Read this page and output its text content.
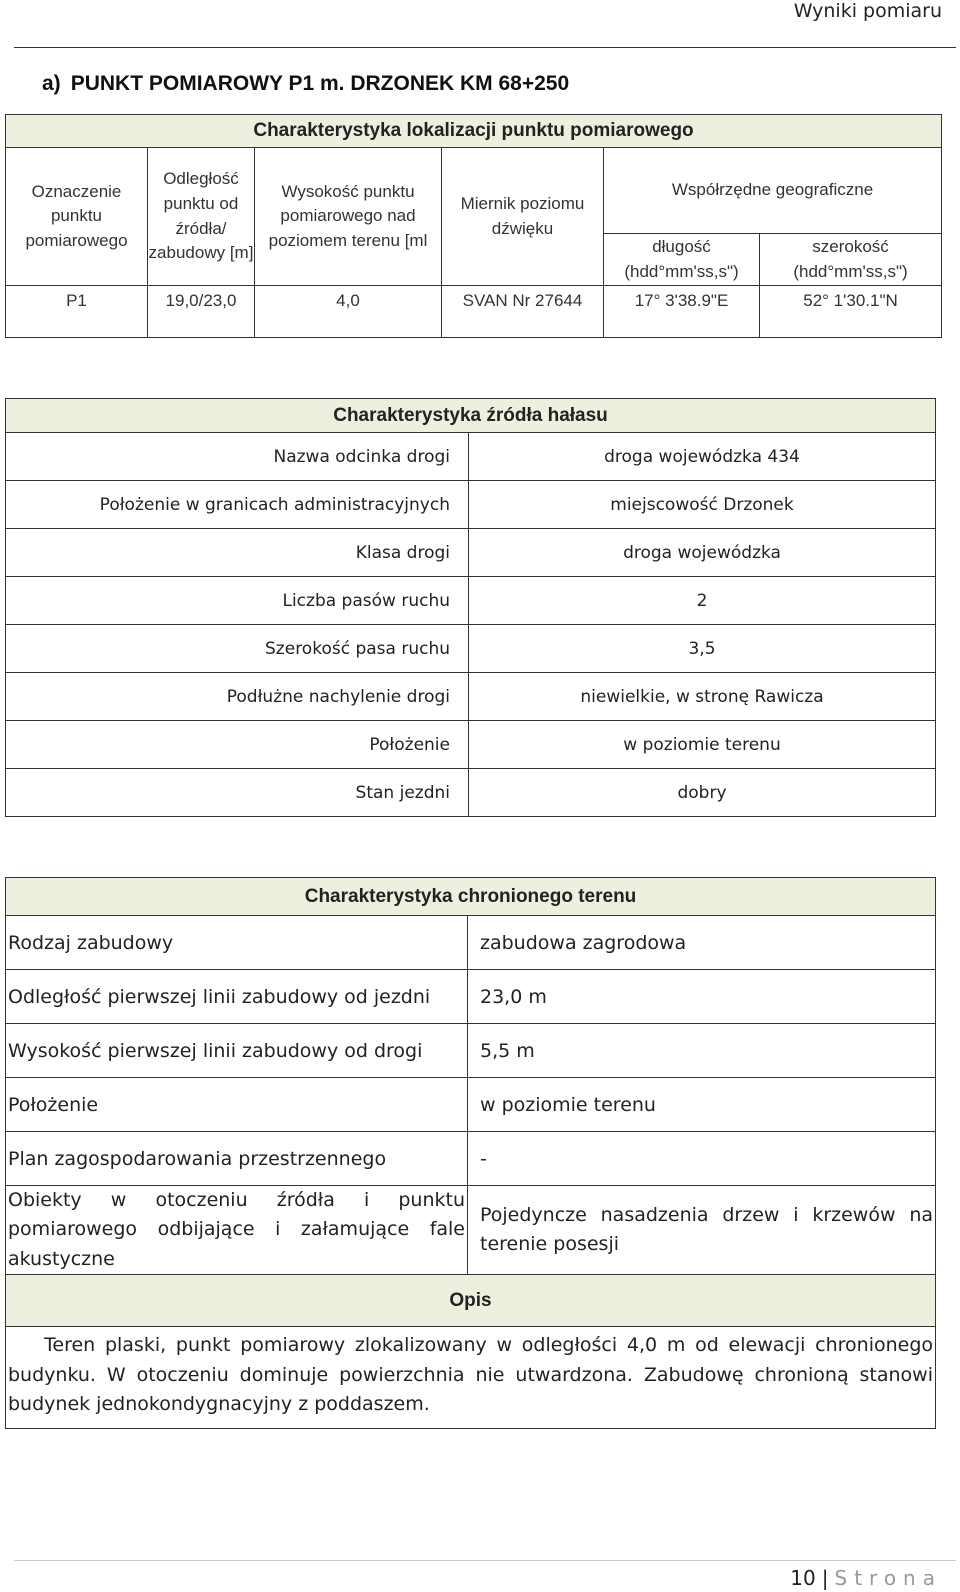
Wyniki pomiaru
a) PUNKT POMIAROWY P1 m. DRZONEK KM 68+250
Charakterystyka lokalizacji punktu pomiarowego					
Oznaczenie punktu pomiarowego	Odległość punktu od źródła/ zabudowy [m]	Wysokość punktu pomiarowego nad poziomem terenu [ml	Miernik poziomu dźwięku	Współrzędne geograficzne	
				długość (hdd°mm'ss,s")	szerokość (hdd°mm'ss,s")
P1	19,0/23,0	4,0	SVAN Nr 27644	17° 3'38.9"E	52° 1'30.1"N
Charakterystyka źródła hałasu	
Nazwa odcinka drogi	droga wojewódzka 434
Położenie w granicach administracyjnych	miejscowość Drzonek
Klasa drogi	droga wojewódzka
Liczba pasów ruchu	2
Szerokość pasa ruchu	3,5
Podłużne nachylenie drogi	niewielkie, w stronę Rawicza
Położenie	w poziomie terenu
Stan jezdni	dobry
Charakterystyka chronionego terenu	
Rodzaj zabudowy	zabudowa zagrodowa
Odległość pierwszej linii zabudowy od jezdni	23,0 m
Wysokość pierwszej linii zabudowy od drogi	5,5 m
Położenie	w poziomie terenu
Plan zagospodarowania przestrzennego	-
Obiekty w otoczeniu źródła i punktu pomiarowego odbijające i załamujące fale akustyczne	Pojedyncze nasadzenia drzew i krzewów na terenie posesji
Opis	
Teren plaski, punkt pomiarowy zlokalizowany w odległości 4,0 m od elewacji chronionego budynku. W otoczeniu dominuje powierzchnia nie utwardzona. Zabudowę chronioną stanowi budynek jednokondygnacyjny z poddaszem.	
10 | Strona
